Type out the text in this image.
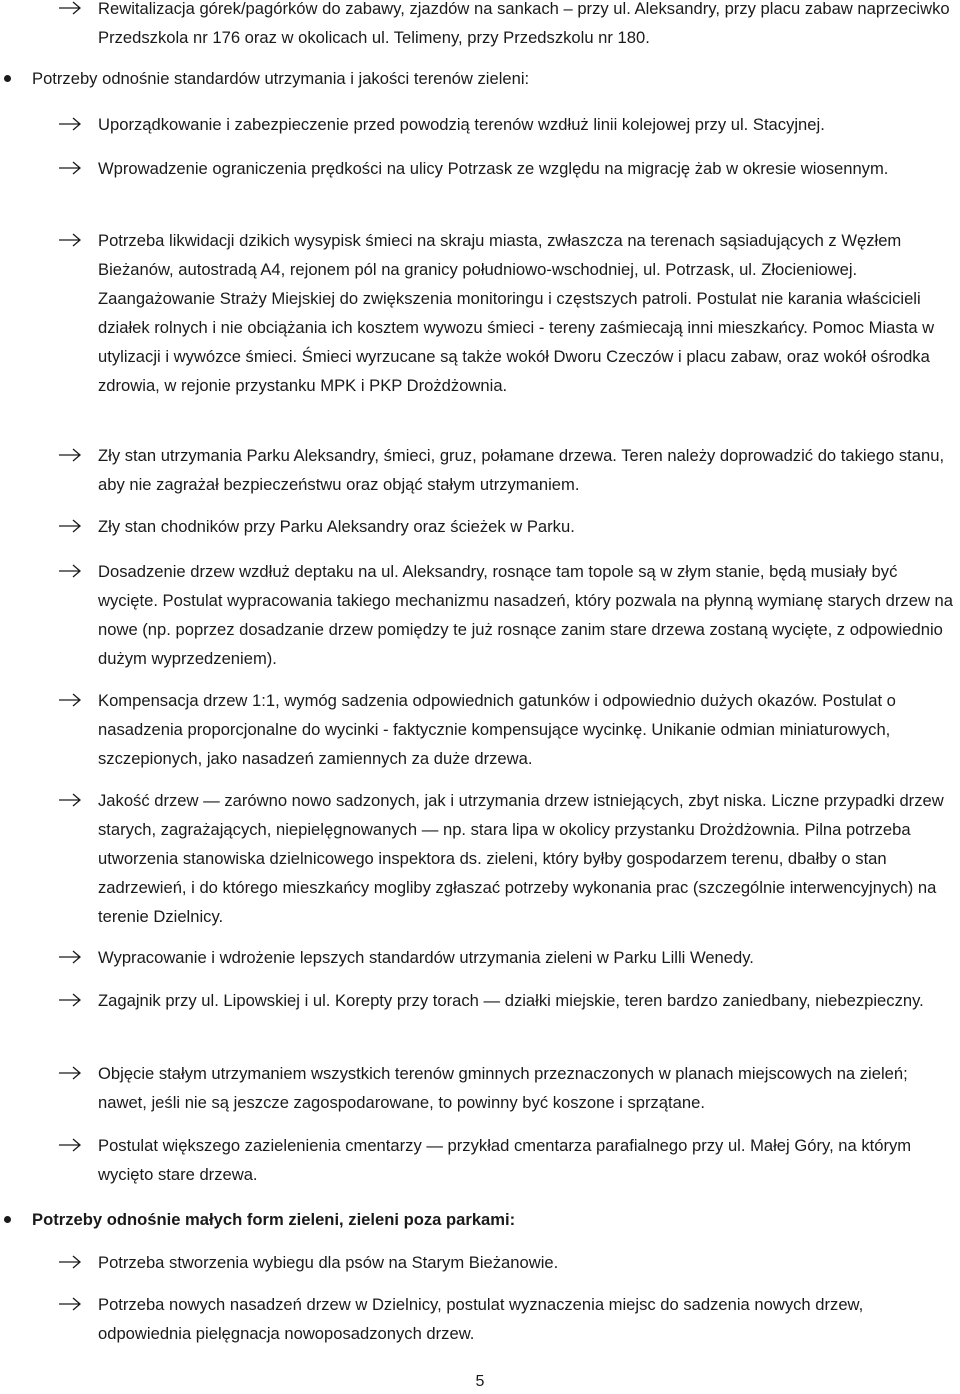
Rewitalizacja górek/pagórków do zabawy, zjazdów na sankach – przy ul. Aleksandry, przy placu zabaw naprzeciwko Przedszkola nr 176 oraz w okolicach ul. Telimeny, przy Przedszkolu nr 180.
Potrzeby odnośnie standardów utrzymania i jakości terenów zieleni:
Uporządkowanie i zabezpieczenie przed powodzią terenów wzdłuż linii kolejowej przy ul. Stacyjnej.
Wprowadzenie ograniczenia prędkości na ulicy Potrzask ze względu na migrację żab w okresie wiosennym.
Potrzeba likwidacji dzikich wysypisk śmieci na skraju miasta, zwłaszcza na terenach sąsiadujących z Węzłem Bieżanów, autostradą A4, rejonem pól na granicy południowo-wschodniej, ul. Potrzask, ul. Złocieniowej. Zaangażowanie Straży Miejskiej do zwiększenia monitoringu i częstszych patroli. Postulat nie karania właścicieli działek rolnych i nie obciążania ich kosztem wywozu śmieci - tereny zaśmiecają inni mieszkańcy. Pomoc Miasta w utylizacji i wywózce śmieci. Śmieci wyrzucane są także wokół Dworu Czeczów i placu zabaw, oraz wokół ośrodka zdrowia, w rejonie przystanku MPK i PKP Drożdżownia.
Zły stan utrzymania Parku Aleksandry, śmieci, gruz, połamane drzewa. Teren należy doprowadzić do takiego stanu, aby nie zagrażał bezpieczeństwu oraz objąć stałym utrzymaniem.
Zły stan chodników przy Parku Aleksandry oraz ścieżek w Parku.
Dosadzenie drzew wzdłuż deptaku na ul. Aleksandry, rosnące tam topole są w złym stanie, będą musiały być wycięte. Postulat wypracowania takiego mechanizmu nasadzeń, który pozwala na płynną wymianę starych drzew na nowe (np. poprzez dosadzanie drzew pomiędzy te już rosnące zanim stare drzewa zostaną wycięte, z odpowiednio dużym wyprzedzeniem).
Kompensacja drzew 1:1, wymóg sadzenia odpowiednich gatunków i odpowiednio dużych okazów. Postulat o nasadzenia proporcjonalne do wycinki - faktycznie kompensujące wycinkę. Unikanie odmian miniaturowych, szczepionych, jako nasadzeń zamiennych za duże drzewa.
Jakość drzew — zarówno nowo sadzonych, jak i utrzymania drzew istniejących, zbyt niska. Liczne przypadki drzew starych, zagrażających, niepielęgnowanych — np. stara lipa w okolicy przystanku Drożdżownia. Pilna potrzeba utworzenia stanowiska dzielnicowego inspektora ds. zieleni, który byłby gospodarzem terenu, dbałby o stan zadrzewień, i do którego mieszkańcy mogliby zgłaszać potrzeby wykonania prac (szczególnie interwencyjnych) na terenie Dzielnicy.
Wypracowanie i wdrożenie lepszych standardów utrzymania zieleni w Parku Lilli Wenedy.
Zagajnik przy ul. Lipowskiej i ul. Korepty przy torach — działki miejskie, teren bardzo zaniedbany, niebezpieczny.
Objęcie stałym utrzymaniem wszystkich terenów gminnych przeznaczonych w planach miejscowych na zieleń; nawet, jeśli nie są jeszcze zagospodarowane, to powinny być koszone i sprzątane.
Postulat większego zazielenienia cmentarzy — przykład cmentarza parafialnego przy ul. Małej Góry, na którym wycięto stare drzewa.
Potrzeby odnośnie małych form zieleni, zieleni poza parkami:
Potrzeba stworzenia wybiegu dla psów na Starym Bieżanowie.
Potrzeba nowych nasadzeń drzew w Dzielnicy, postulat wyznaczenia miejsc do sadzenia nowych drzew, odpowiednia pielęgnacja nowoposadzonych drzew.
5
